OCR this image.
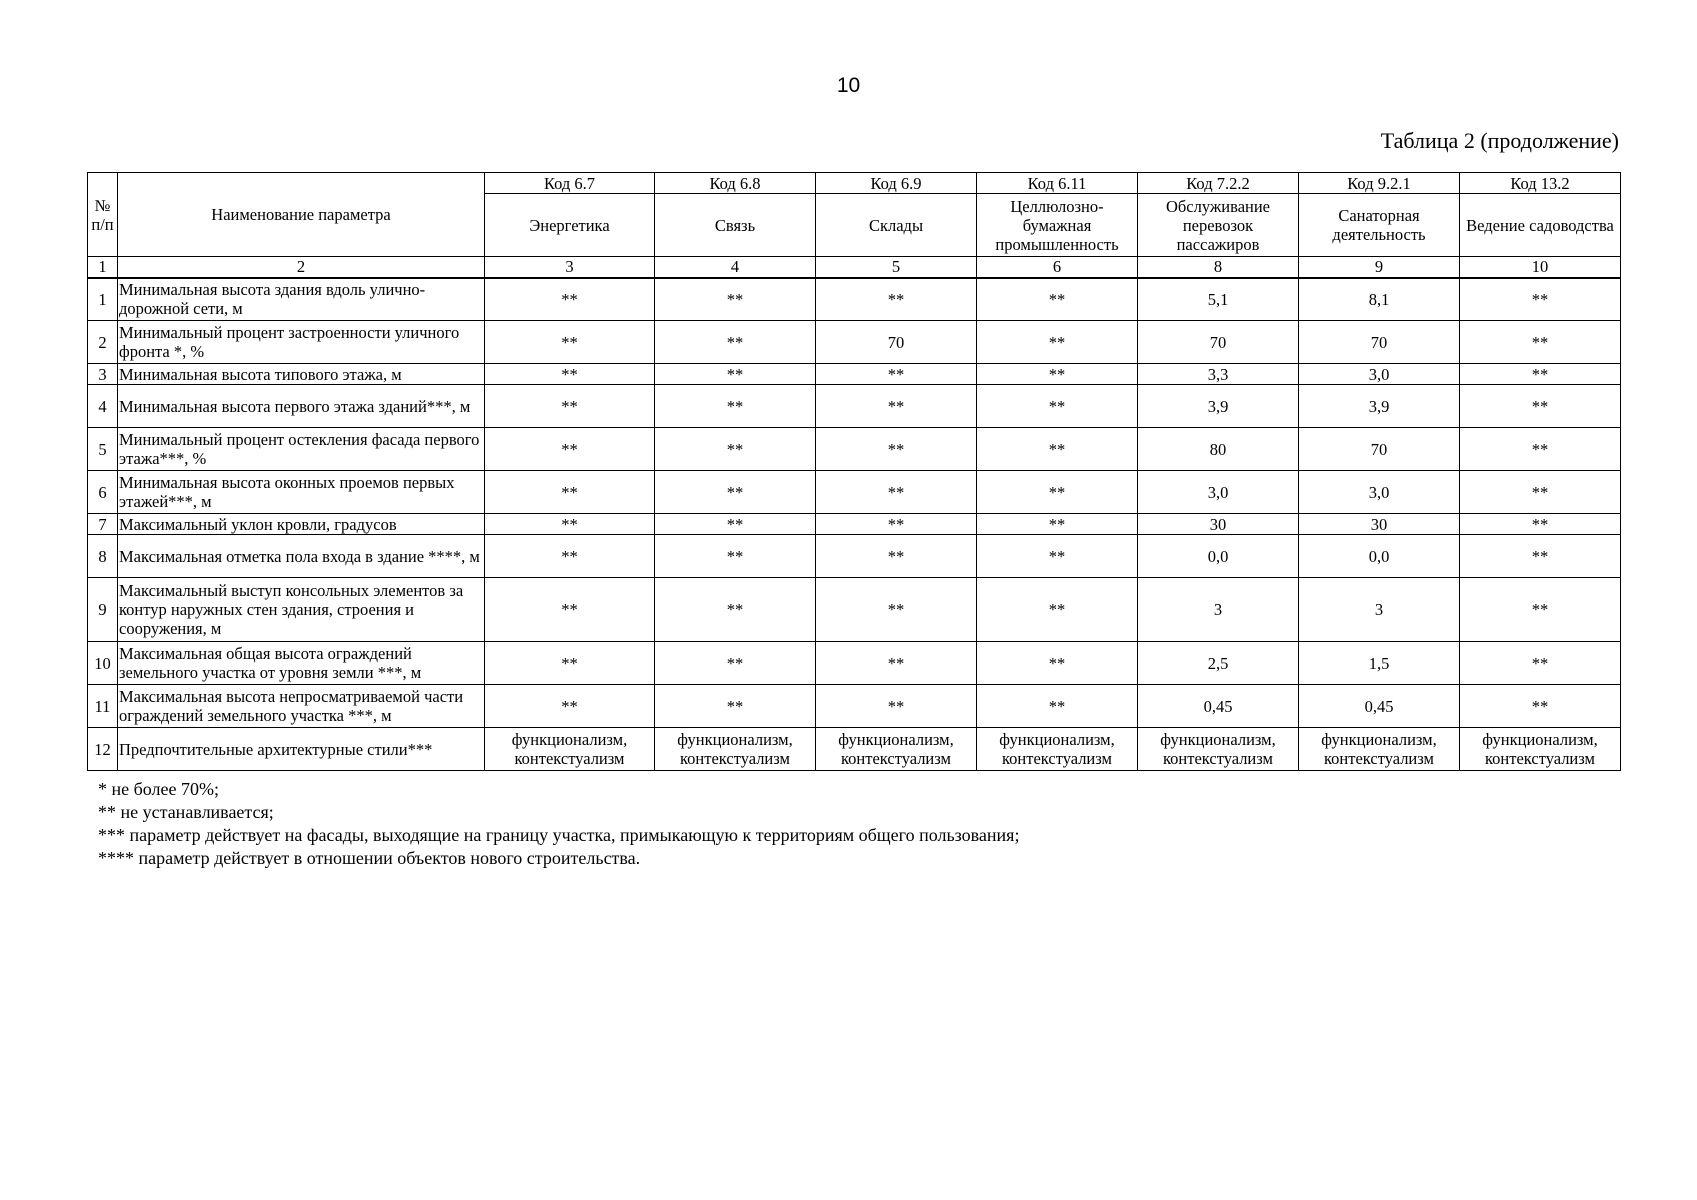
10
Таблица 2 (продолжение)
№ п/п	Наименование параметра	Код 6.7	Код 6.8	Код 6.9	Код 6.11	Код 7.2.2	Код 9.2.1	Код 13.2
		Энергетика	Связь	Склады	Целлюлозно-бумажная промышленность	Обслуживание перевозок пассажиров	Санаторная деятельность	Ведение садоводства
1	2	3	4	5	6	8	9	10
1	Минимальная высота здания вдоль улично-дорожной сети, м	**	**	**	**	5,1	8,1	**
2	Минимальный процент застроенности уличного фронта *, %	**	**	70	**	70	70	**
3	Минимальная высота типового этажа, м	**	**	**	**	3,3	3,0	**
4	Минимальная высота первого этажа зданий***, м	**	**	**	**	3,9	3,9	**
5	Минимальный процент остекления фасада первого этажа***, %	**	**	**	**	80	70	**
6	Минимальная высота оконных проемов первых этажей***, м	**	**	**	**	3,0	3,0	**
7	Максимальный уклон кровли, градусов	**	**	**	**	30	30	**
8	Максимальная отметка пола входа в здание ****, м	**	**	**	**	0,0	0,0	**
9	Максимальный выступ консольных элементов за контур наружных стен здания, строения и сооружения, м	**	**	**	**	3	3	**
10	Максимальная общая высота ограждений земельного участка от уровня земли ***, м	**	**	**	**	2,5	1,5	**
11	Максимальная высота непросматриваемой части ограждений земельного участка ***, м	**	**	**	**	0,45	0,45	**
12	Предпочтительные архитектурные стили***	функционализм, контекстуализм	функционализм, контекстуализм	функционализм, контекстуализм	функционализм, контекстуализм	функционализм, контекстуализм	функционализм, контекстуализм	функционализм, контекстуализм
* не более 70%;
** не устанавливается;
*** параметр действует на фасады, выходящие на границу участка, примыкающую к территориям общего пользования;
**** параметр действует в отношении объектов нового строительства.
